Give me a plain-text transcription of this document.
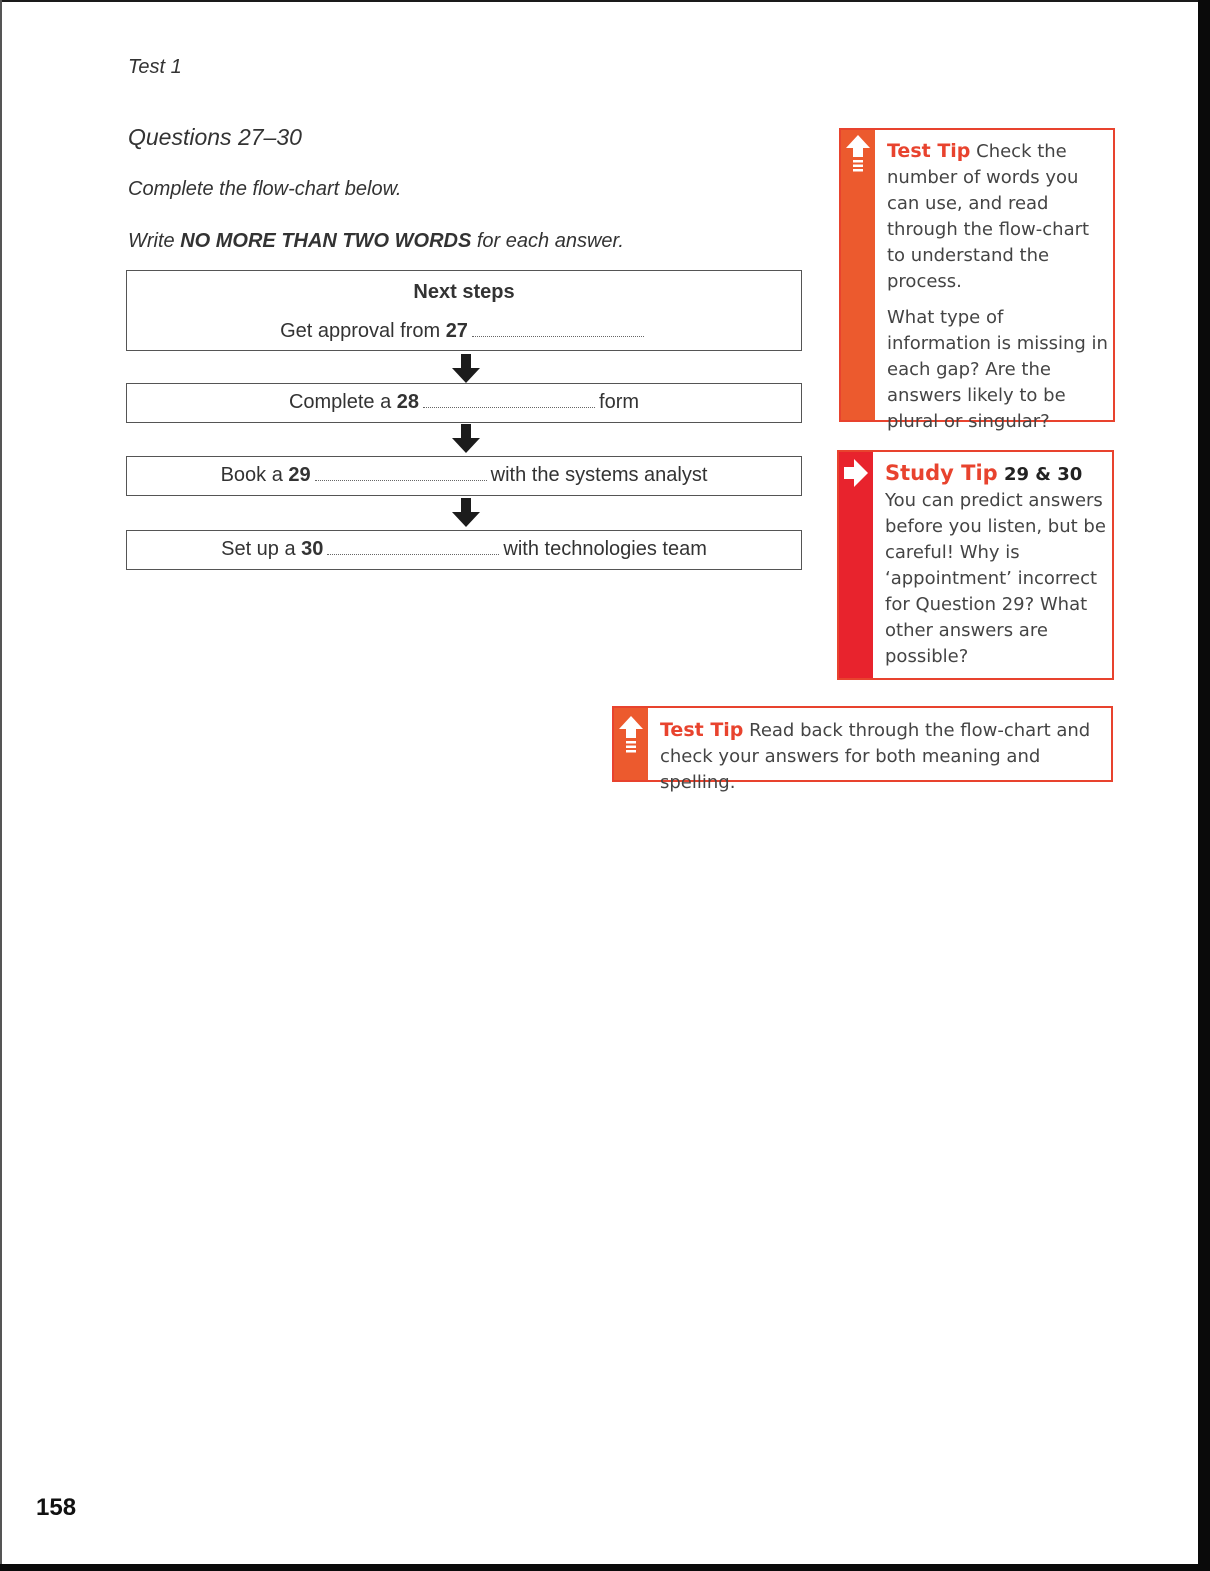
Test 1
Questions 27–30
Complete the flow-chart below.
Write NO MORE THAN TWO WORDS for each answer.
Next steps
Get approval from 27
Complete a 28	form
Book a 29	with the systems analyst
Set up a 30	with technologies team

Test Tip Check the number of words you can use, and read through the flow-chart to understand the process.

What type of information is missing in each gap? Are the answers likely to be plural or singular?

Study Tip 29 & 30

You can predict answers before you listen, but be careful! Why is ‘appointment’ incorrect for Question 29? What other answers are possible?

Test Tip Read back through the flow-chart and check your answers for both meaning and spelling.

158
